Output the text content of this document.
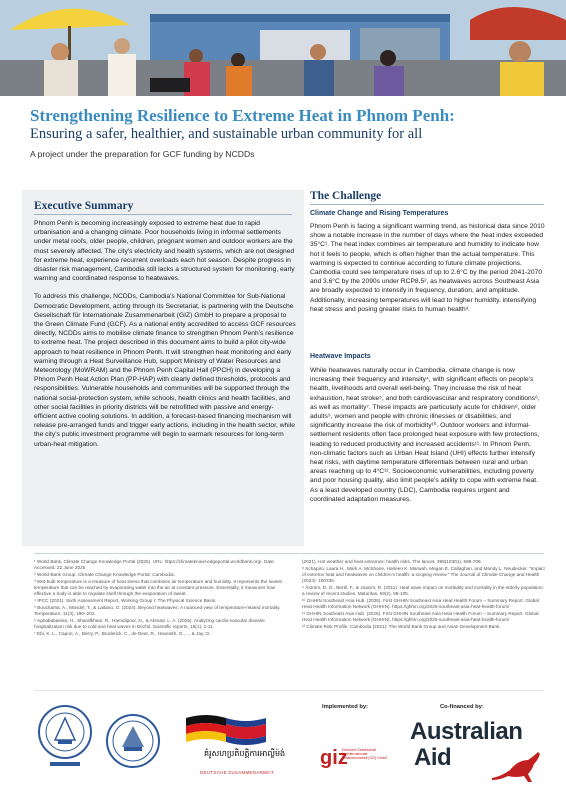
Strengthening Resilience to Extreme Heat in Phnom Penh:
Ensuring a safer, healthier, and sustainable urban community for all
A project under the preparation for GCF funding by NCDDs
Executive Summary

Phnom Penh is becoming increasingly exposed to extreme heat due to rapid urbanisation and a changing climate. Poor households living in informal settlements under metal roofs, older people, children, pregnant women and outdoor workers are the most severely affected. The city’s electricity and health systems, which are not designed for extreme heat, experience recurrent overloads each hot season. Despite progress in disaster risk management, Cambodia still lacks a structured system for monitoring, early warning and coordinated response to heatwaves.

To address this challenge, NCDDs, Cambodia’s National Committee for Sub-National Democratic Development, acting through its Secretariat, is partnering with the Deutsche Gesellschaft für Internationale Zusammenarbeit (GIZ) GmbH to prepare a proposal to the Green Climate Fund (GCF). As a national entity accredited to access GCF resources directly, NCDDs aims to mobilise climate finance to strengthen Phnom Penh’s resilience to extreme heat. The project described in this document aims to build a pilot city-wide approach to heat resilience in Phnom Penh. It will strengthen heat monitoring and early warning through a Heat Surveillance Hub, support Ministry of Water Resources and Meteorology (MoWRAM) and the Phnom Penh Capital Hall (PPCH) in developing a Phnom Penh Heat Action Plan (PP-HAP) with clearly defined thresholds, protocols and responsibilities. Vulnerable households and communities will be supported through the national social-protection system, while schools, health clinics and health facilities, and other social facilities in priority districts will be retrofitted with passive and energy-efficient active cooling solutions. In addition, a forecast-based financing mechanism will release pre-arranged funds and trigger early actions, including in the health sector, while the city’s public investment programme will begin to earmark resources for long-term urban-heat mitigation.

The Challenge
Climate Change and Rising Temperatures
Phnom Penh is facing a significant warming trend, as historical data since 2010 show a notable increase in the number of days where the heat index exceeded 35°C¹. The heat index combines air temperature and humidity to indicate how hot it feels to people, which is often higher than the actual temperature. This warming is expected to continue according to future climate projections. Cambodia could see temperature rises of up to 2.6°C by the period 2041-2070 and 3.6°C by the 2090s under RCP8.5², as heatwaves across Southeast Asia are broadly expected to intensify in frequency, duration, and amplitude. Additionally, increasing temperatures will lead to higher humidity, intensifying heat stress and posing greater risks to human health³.
Heatwave Impacts
While heatwaves naturally occur in Cambodia, climate change is now increasing their frequency and intensity⁴, with significant effects on people’s health, livelihoods and overall well-being. They increase the risk of heat exhaustion, heat stroke⁵, and both cardiovascular and respiratory conditions⁶, as well as mortality⁷. These impacts are particularly acute for children⁸, older adults⁹, women and people with chronic illnesses or disabilities, and significantly increase the risk of morbidity¹⁰. Outdoor workers and informal-settlement residents often face prolonged heat exposure with few protections, leading to reduced productivity and increased accidents¹¹. In Phnom Penh, non-climatic factors such as Urban Heat Island (UHI) effects further intensify heat risks, with daytime temperature differentials between rural and urban areas reaching up to 4°C¹². Socioeconomic vulnerabilities, including poverty and poor housing quality, also limit people’s ability to cope with extreme heat. As a least developed country (LDC), Cambodia requires urgent and coordinated adaptation measures.

¹ World Bank, Climate Change Knowledge Portal (2025). URL: https://climateknowl-edgeportal.worldbank.org/. Date Accessed: 22 June 2025

² World Bank Group. Climate Change Knowledge Portal: Cambodia.

³ Wet-bulb temperature is a measure of heat stress that combines air temperature and humidity. It represents the lowest temperature that can be reached by evaporating water into the air at constant pressure. Essentially, it measures how effective a body is able to regulate itself through the evaporation of sweat.

⁴ IPCC (2021). Sixth Assessment Report, Working Group I: The Physical Science Basis.

⁵ Bouchama, A., Mündel, T., & Laitano, O. (2024). Beyond heatwaves: A nuanced view of temperature-related mortality. Temperature, 11(3), 190–202.

⁶ Aghababaeian, H., Sharafkhani, R., Hamidipour, N., & Ahmad, L. A. (2025). Analyzing cardio-vascular disease hospitalization risk due to cold and heat waves in Dezful. Scientific reports, 15(1), 1-11.

⁷ Ebi, K. L., Capon, A., Berry, P., Broderick, C., de Dear, R., Havenith, G., ... & Jay, O.

(2021). Hot weather and heat extremes: health risks. The lancet, 398(10301), 698-708.

⁸ Schapiro, Laura H., Mark A. McShane, Harleen K. Marwah, Megan E. Callaghan, and Mandy L. Neudecker. "Impact of extreme heat and heatwaves on children’s health: a scoping review." The Journal of Climate Change and Health (2024): 100335.

⁹ Åström, D. O., Bertil, F., & Joacim, R. (2011). Heat wave impact on morbidity and mortality in the elderly population: a review of recent studies. Maturitas, 69(2), 99-105.

¹⁰ GHHIN Southeast Asia Hub. (2025). First GHHIN Southeast Asia Heat Health Forum – Summary Report. Global Heat Health Information Network (GHHIN). https://ghhin.org/2025-southeast-asia-heat-health-forum/

¹¹ GHHIN Southeast Asia Hub. (2025). First GHHIN Southeast Asia Heat Health Forum – Summary Report. Global Heat Health Information Network (GHHIN). https://ghhin.org/2025-southeast-asia-heat-health-forum/

¹² Climate Risk Profile: Cambodia (2021): The World Bank Group and Asian Development Bank.

គំរូសហប្រតិបត្តិការអាល្លឺម៉ង់
DEUTSCHE ZUSAMMENARBEIT
Implemented by:
giz
Deutsche Gesellschaft
für Internationale
Zusammenarbeit (GIZ) GmbH
Co-financed by:
Australian
Aid
